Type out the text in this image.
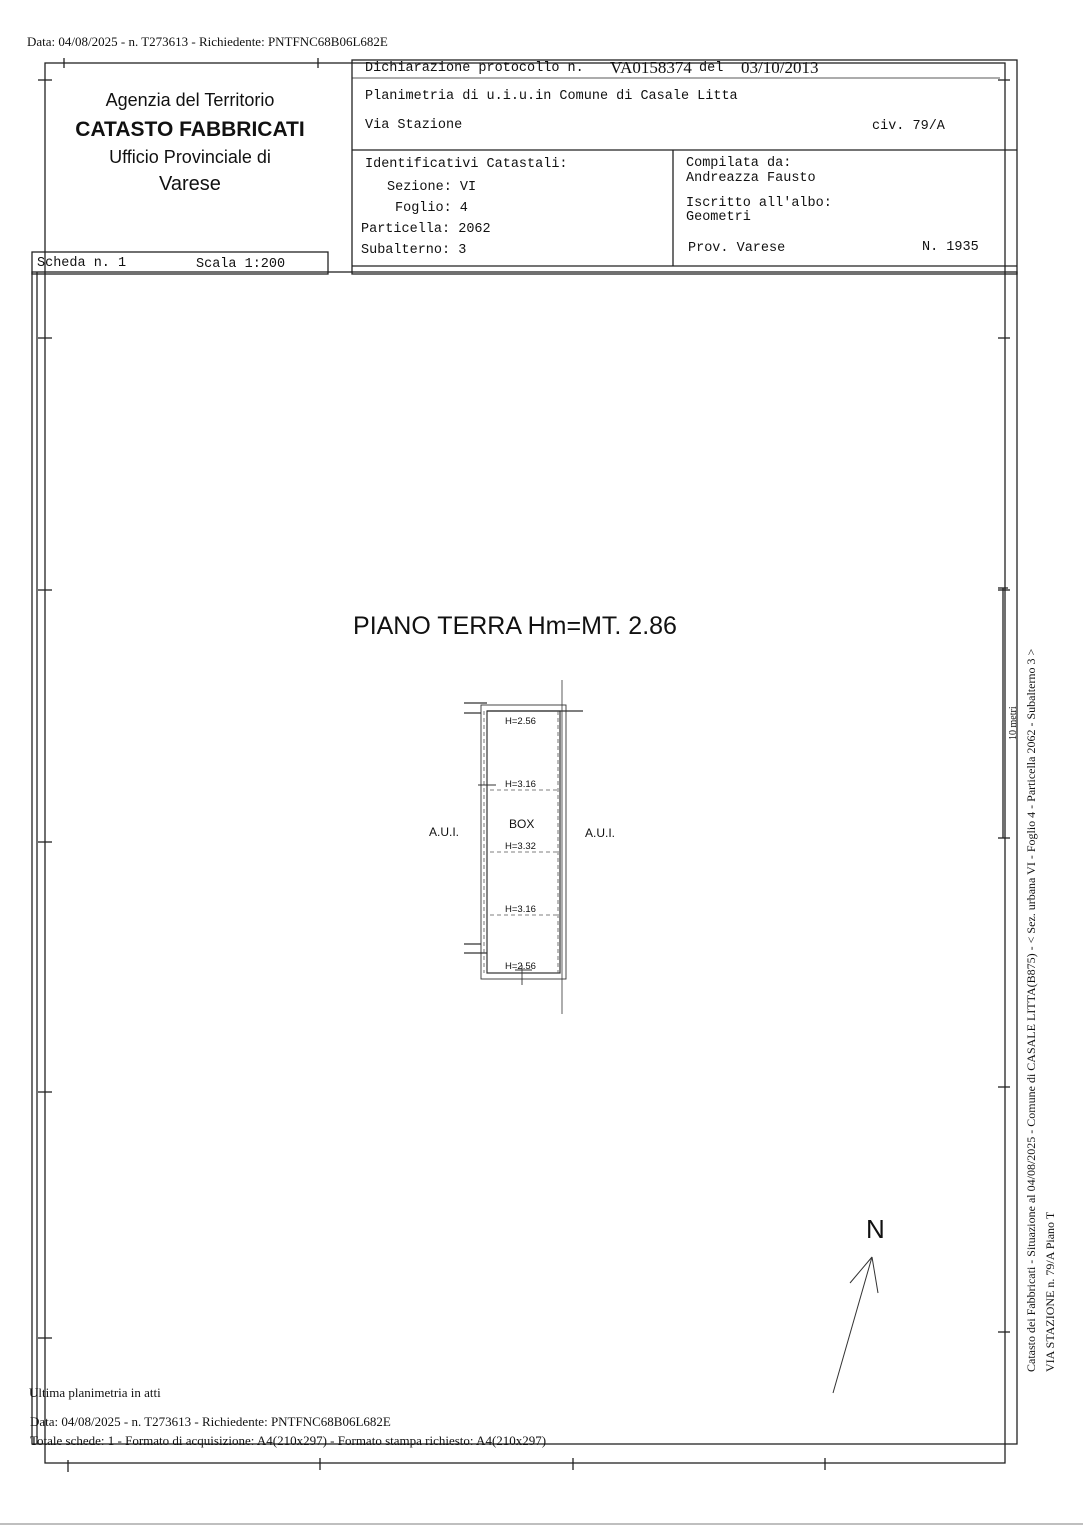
Data: 04/08/2025 - n. T273613 - Richiedente: PNTFNC68B06L682E
Agenzia del Territorio
CATASTO FABBRICATI
Ufficio Provinciale di
Varese
Scheda n. 1	Scala 1:200
Dichiarazione protocollo n. VA0158374 del 03/10/2013
Planimetria di u.i.u.in Comune di Casale Litta
Via Stazione	civ. 79/A
Identificativi Catastali:
Sezione: VI
Foglio: 4
Particella: 2062
Subalterno: 3
Compilata da:
Andreazza Fausto
Iscritto all'albo:
Geometri
Prov. Varese	N. 1935
PIANO TERRA Hm=MT. 2.86
A.U.I.	A.U.I.
BOX
H=2.56
H=3.16
H=3.32
H=3.16
H=2.56
N	Catasto dei Fabbricati - Situazione al 04/08/2025 - Comune di CASALE LITTA(B875) - < Sez. urbana VI - Foglio 4 - Particella 2062 - Subalterno 3 > VIA STAZIONE n. 79/A Piano T
10 metri
Ultima planimetria in atti
Data: 04/08/2025 - n. T273613 - Richiedente: PNTFNC68B06L682E
Totale schede: 1 - Formato di acquisizione: A4(210x297) - Formato stampa richiesto: A4(210x297)
